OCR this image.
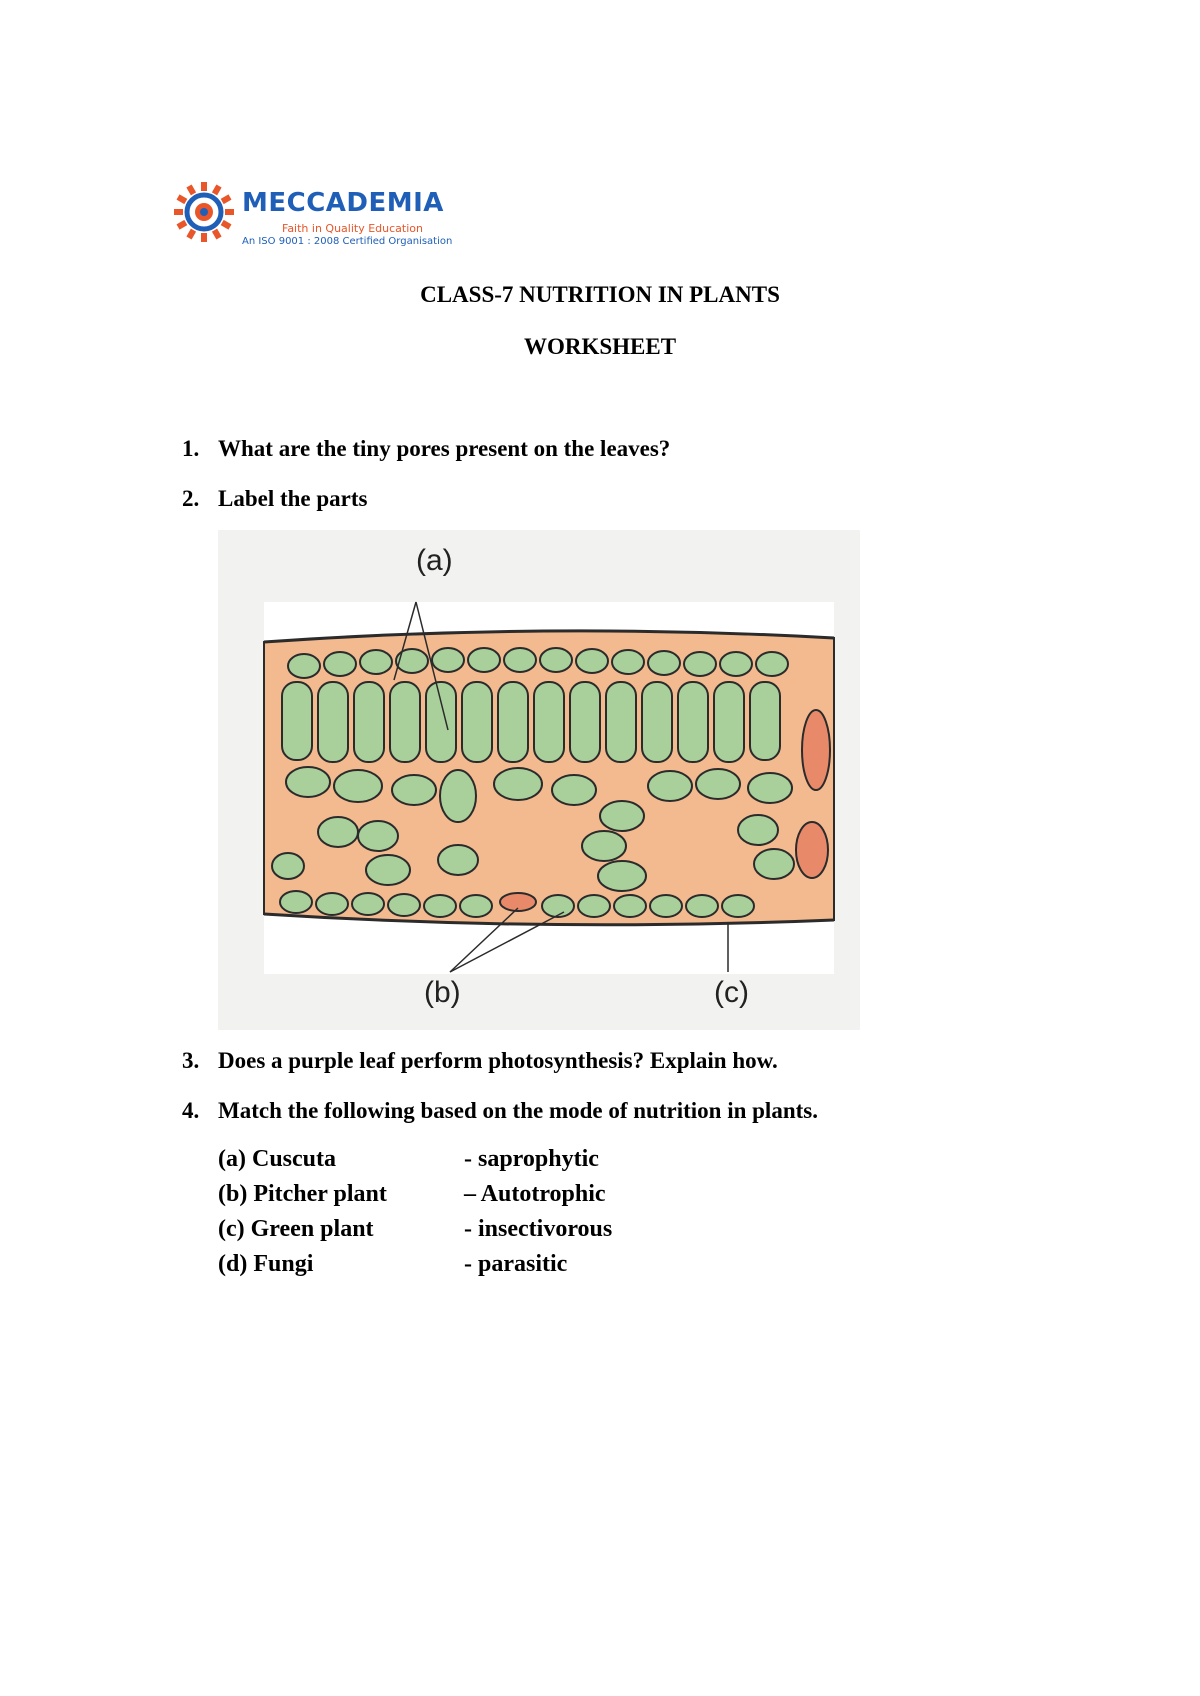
MECCADEMIA
Faith in Quality Education
An ISO 9001 : 2008 Certified Organisation
CLASS-7 NUTRITION IN PLANTS
WORKSHEET
1. What are the tiny pores present on the leaves?
2. Label the parts
(a)
(b)	(c)
3. Does a purple leaf perform photosynthesis? Explain how.
4. Match the following based on the mode of nutrition in plants.
(a) Cuscuta	- saprophytic
(b) Pitcher plant	– Autotrophic
(c) Green plant	- insectivorous
(d) Fungi	- parasitic
